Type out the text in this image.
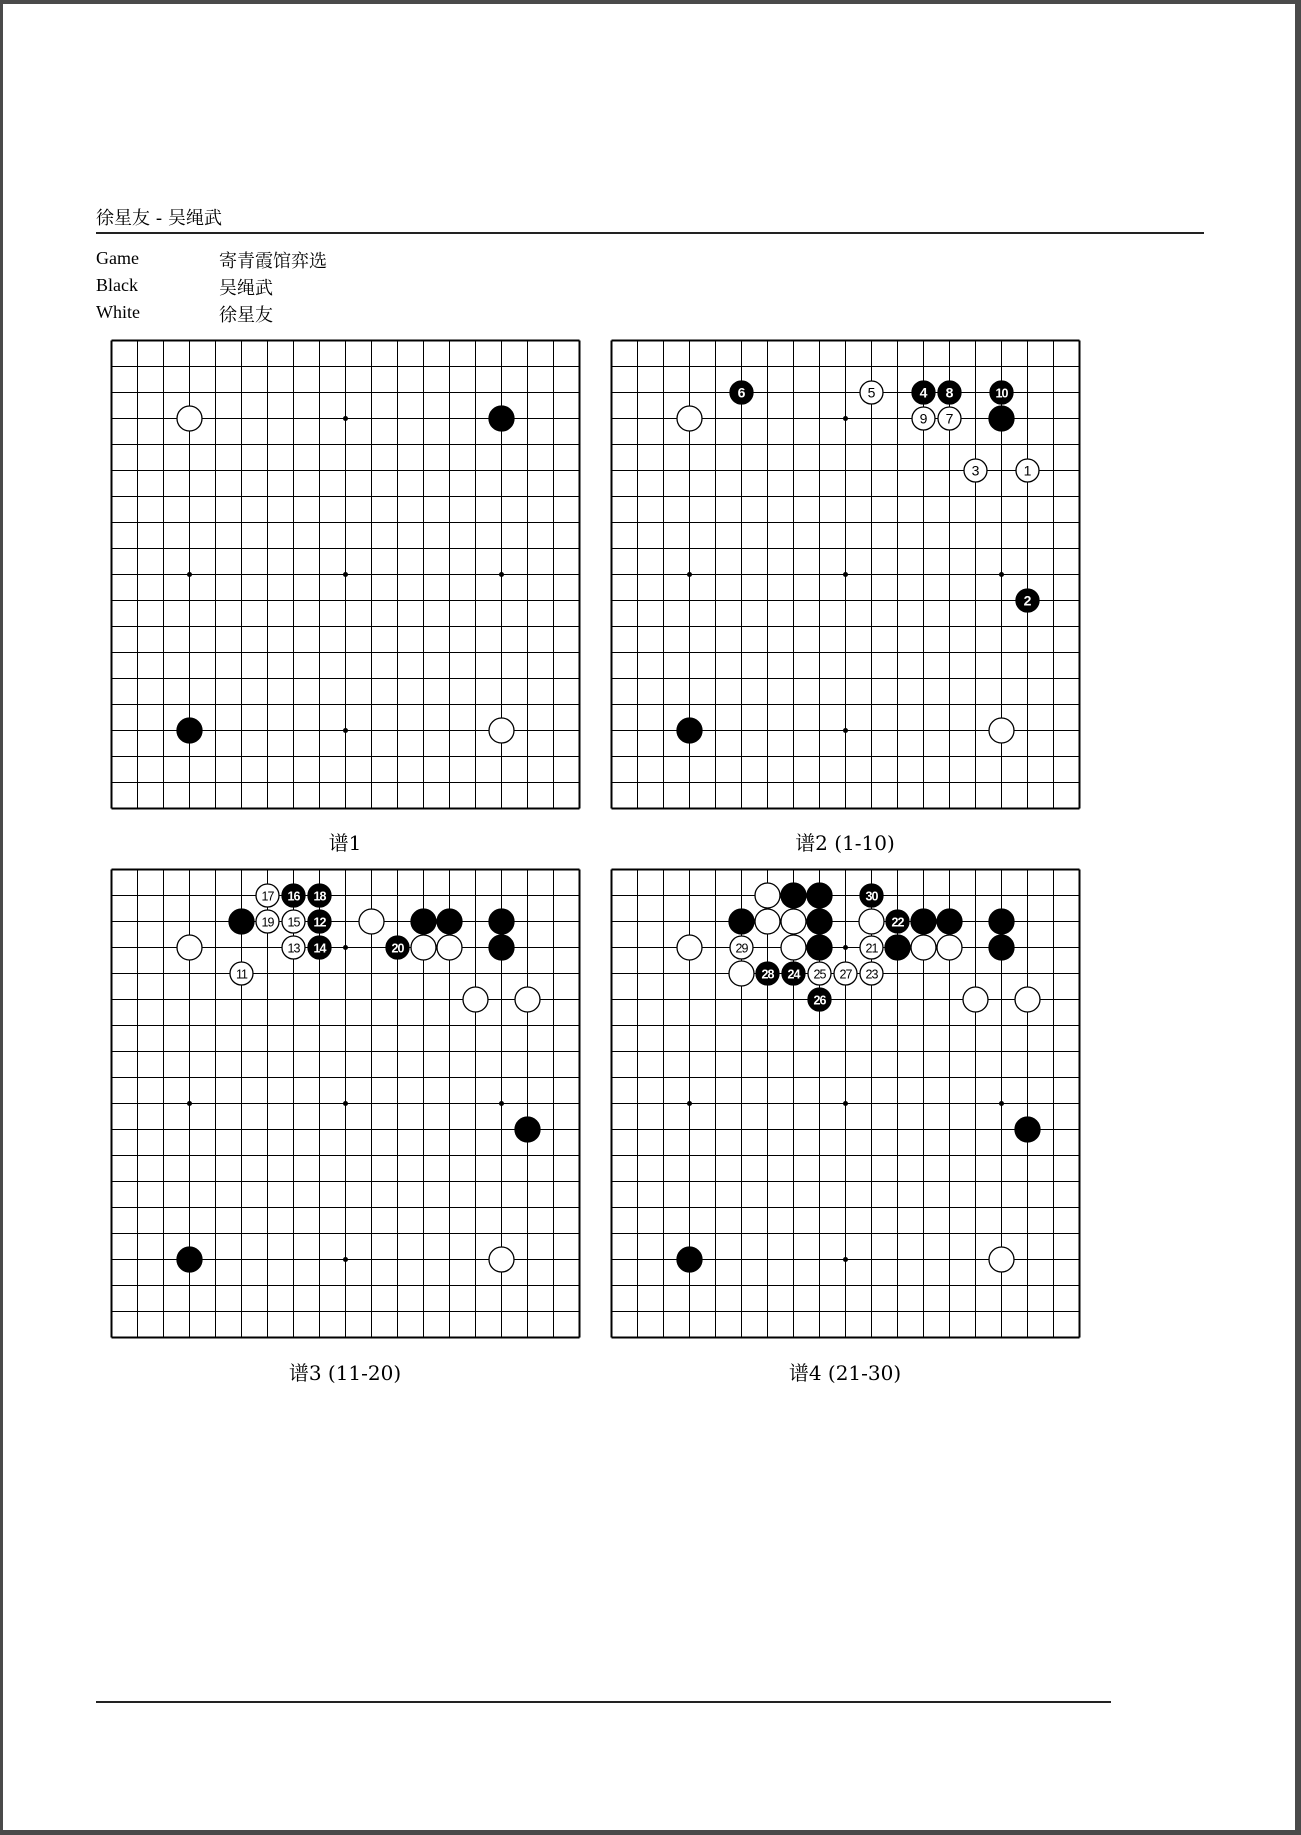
徐星友 - 吴绳武
Game	寄青霞馆弈选
Black	吴绳武
White	徐星友
1
2
3
4
5
6
7
8
9
10
11
12
13 14
15
16
17	18
19
20	21
22
23
24 25
26
27
28
29
30
谱1	谱2 (1-10)
谱3 (11-20)	谱4 (21-30)
